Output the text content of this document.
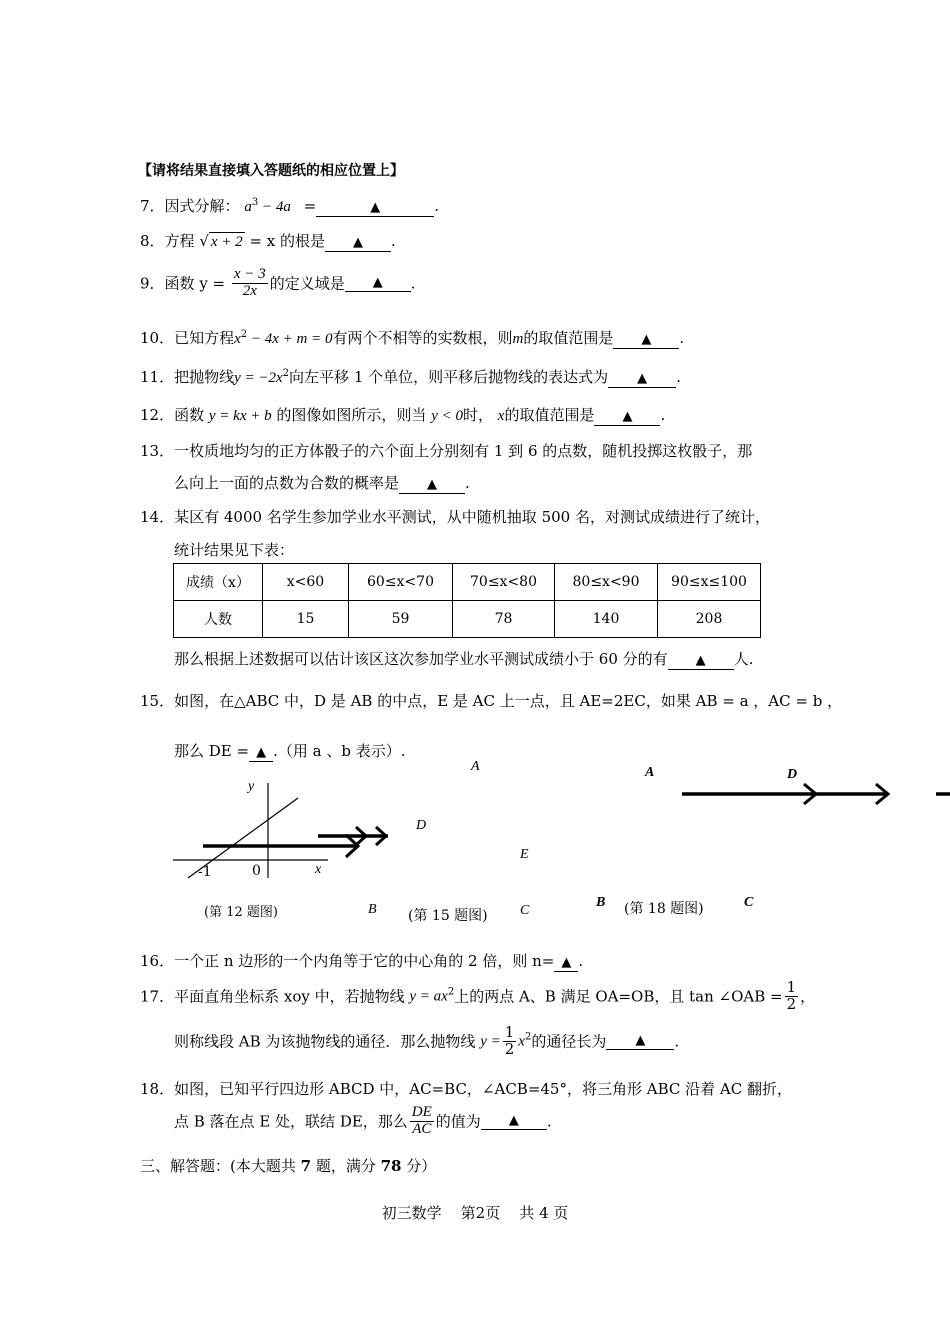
【请将结果直接填入答题纸的相应位置上】
7．因式分解： $a^3 - 4a$ =	▲	.
8．方程 √ x + 2 = x 的根是 ▲ .
9．函数 $y = \frac{x - 3}{2x}$ 的定义域是 ▲ .
10．已知方程$x^2 - 4x + m = 0$有两个不相等的实数根，则m的取值范围是 ▲ .
11．把抛物线$y = -2x^2$向左平移 1 个单位，则平移后抛物线的表达式为 ▲ .
12．函数 y = kx + b 的图像如图所示，则当 y < 0时， x的取值范围是 ▲ .
13．一枚质地均匀的正方体骰子的六个面上分别刻有 1 到 6 的点数，随机投掷这枚骰子，那
么向上一面的点数为合数的概率是 ▲ .
14．某区有 4000 名学生参加学业水平测试，从中随机抽取 500 名，对测试成绩进行了统计，
统计结果见下表：
成绩（x）	x<60	60≤x<70	70≤x<80	80≤x<90	90≤x≤100
人数	15	59	78	140	208
那么根据上述数据可以估计该区这次参加学业水平测试成绩小于 60 分的有 ▲ 人.
15．如图，在△ABC 中，D 是 AB 的中点，E 是 AC 上一点，且 AE=2EC，如果 AB = a ，AC = b ，
那么 DE = ▲ .（用 a 、b 表示）.
y
x
0
-1
(第 12 题图)
A
D
E
B	C
(第 15 题图)
A	D
B (第 18 题图)	C
16．一个正 n 边形的一个内角等于它的中心角的 2 倍，则 n= ▲ .
17．平面直角坐标系 xoy 中，若抛物线 $y = ax^2$上的两点 A、B 满足 OA=OB，且 tan ∠OAB = $\frac{1}{2}$ ，
则称线段 AB 为该抛物线的通径．那么抛物线 $y = \frac{1}{2} x^2$的通径长为 ▲ .
18．如图，已知平行四边形 ABCD 中，AC=BC，∠ACB=45°，将三角形 ABC 沿着 AC 翻折，
点 B 落在点 E 处，联结 DE，那么 $\frac{DE}{AC}$ 的值为 ▲ .
三、解答题：(本大题共 7 题，满分 78 分）
初三数学    第2页    共 4 页
